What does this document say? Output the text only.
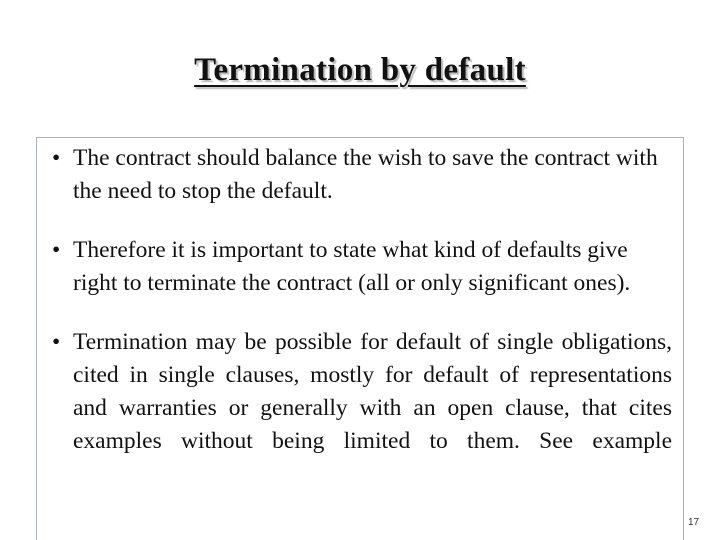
Termination by default
• The contract should balance the wish to save the contract with the need to stop the default.
• Therefore it is important to state what kind of defaults give right to terminate the contract (all or only significant ones).
• Termination may be possible for default of single obligations, cited in single clauses, mostly for default of representations and warranties or generally with an open clause, that cites examples without being limited to them. See example
17
